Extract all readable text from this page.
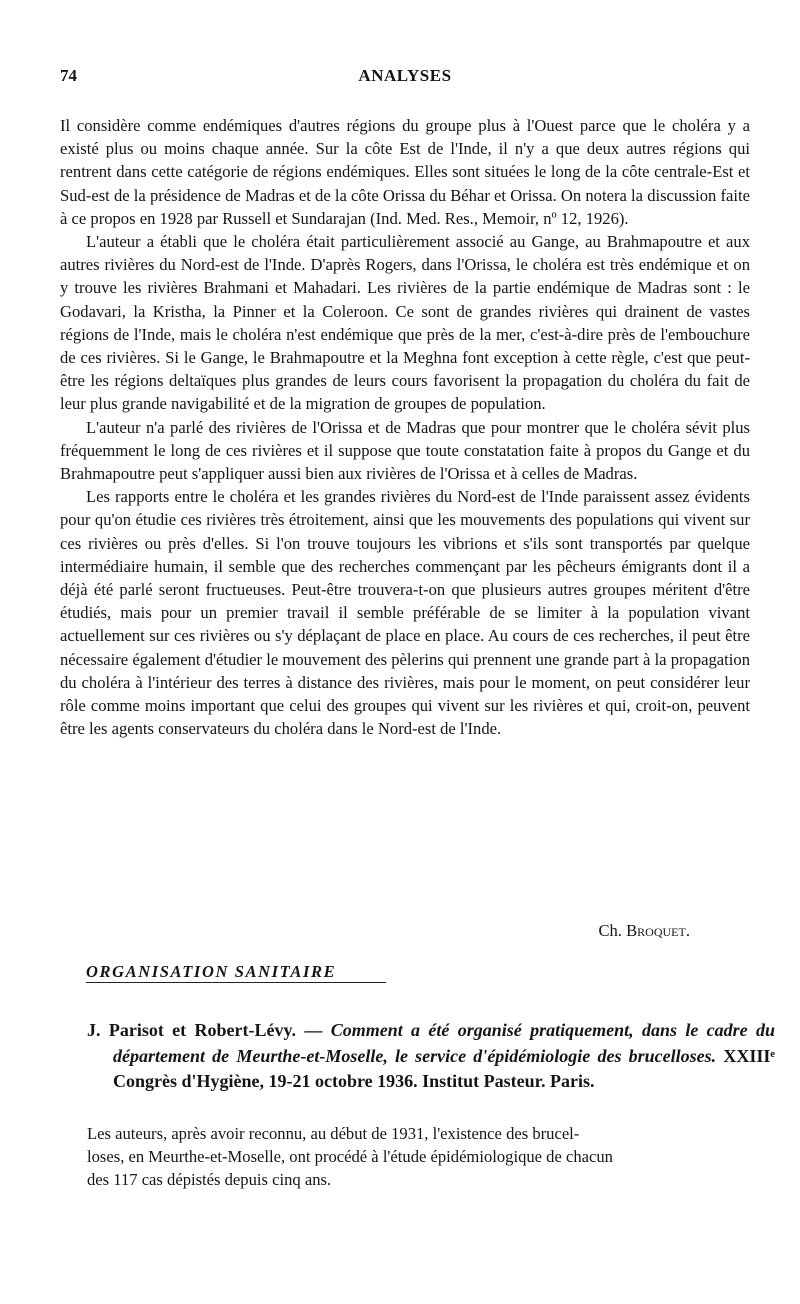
74	ANALYSES

Il considère comme endémiques d'autres régions du groupe plus à l'Ouest parce que le choléra y a existé plus ou moins chaque année. Sur la côte Est de l'Inde, il n'y a que deux autres régions qui rentrent dans cette catégorie de régions endémiques. Elles sont situées le long de la côte centrale-Est et Sud-est de la présidence de Madras et de la côte Orissa du Béhar et Orissa. On notera la discussion faite à ce propos en 1928 par Russell et Sundarajan (Ind. Med. Res., Memoir, nº 12, 1926).

L'auteur a établi que le choléra était particulièrement associé au Gange, au Brahmapoutre et aux autres rivières du Nord-est de l'Inde. D'après Rogers, dans l'Orissa, le choléra est très endémique et on y trouve les rivières Brahmani et Mahadari. Les rivières de la partie endémique de Madras sont : le Godavari, la Kristha, la Pinner et la Coleroon. Ce sont de grandes rivières qui drainent de vastes régions de l'Inde, mais le choléra n'est endémique que près de la mer, c'est-à-dire près de l'embouchure de ces rivières. Si le Gange, le Brahmapoutre et la Meghna font exception à cette règle, c'est que peut-être les régions deltaïques plus grandes de leurs cours favorisent la propagation du choléra du fait de leur plus grande navigabilité et de la migration de groupes de population.

L'auteur n'a parlé des rivières de l'Orissa et de Madras que pour montrer que le choléra sévit plus fréquemment le long de ces rivières et il suppose que toute constatation faite à propos du Gange et du Brahmapoutre peut s'appliquer aussi bien aux rivières de l'Orissa et à celles de Madras.

Les rapports entre le choléra et les grandes rivières du Nord-est de l'Inde paraissent assez évidents pour qu'on étudie ces rivières très étroitement, ainsi que les mouvements des populations qui vivent sur ces rivières ou près d'elles. Si l'on trouve toujours les vibrions et s'ils sont transportés par quelque intermédiaire humain, il semble que des recherches commençant par les pêcheurs émigrants dont il a déjà été parlé seront fructueuses. Peut-être trouvera-t-on que plusieurs autres groupes méritent d'être étudiés, mais pour un premier travail il semble préférable de se limiter à la population vivant actuellement sur ces rivières ou s'y déplaçant de place en place. Au cours de ces recherches, il peut être nécessaire également d'étudier le mouvement des pèlerins qui prennent une grande part à la propagation du choléra à l'intérieur des terres à distance des rivières, mais pour le moment, on peut considérer leur rôle comme moins important que celui des groupes qui vivent sur les rivières et qui, croit-on, peuvent être les agents conservateurs du choléra dans le Nord-est de l'Inde.

Ch. Broquet.
ORGANISATION SANITAIRE
J. Parisot et Robert-Lévy. — Comment a été organisé pratiquement, dans le cadre du département de Meurthe-et-Moselle, le service d'épidémiologie des brucelloses. XXIIIᵉ Congrès d'Hygiène, 19-21 octobre 1936. Institut Pasteur. Paris.
Les auteurs, après avoir reconnu, au début de 1931, l'existence des brucel-
loses, en Meurthe-et-Moselle, ont procédé à l'étude épidémiologique de chacun
des 117 cas dépistés depuis cinq ans.
